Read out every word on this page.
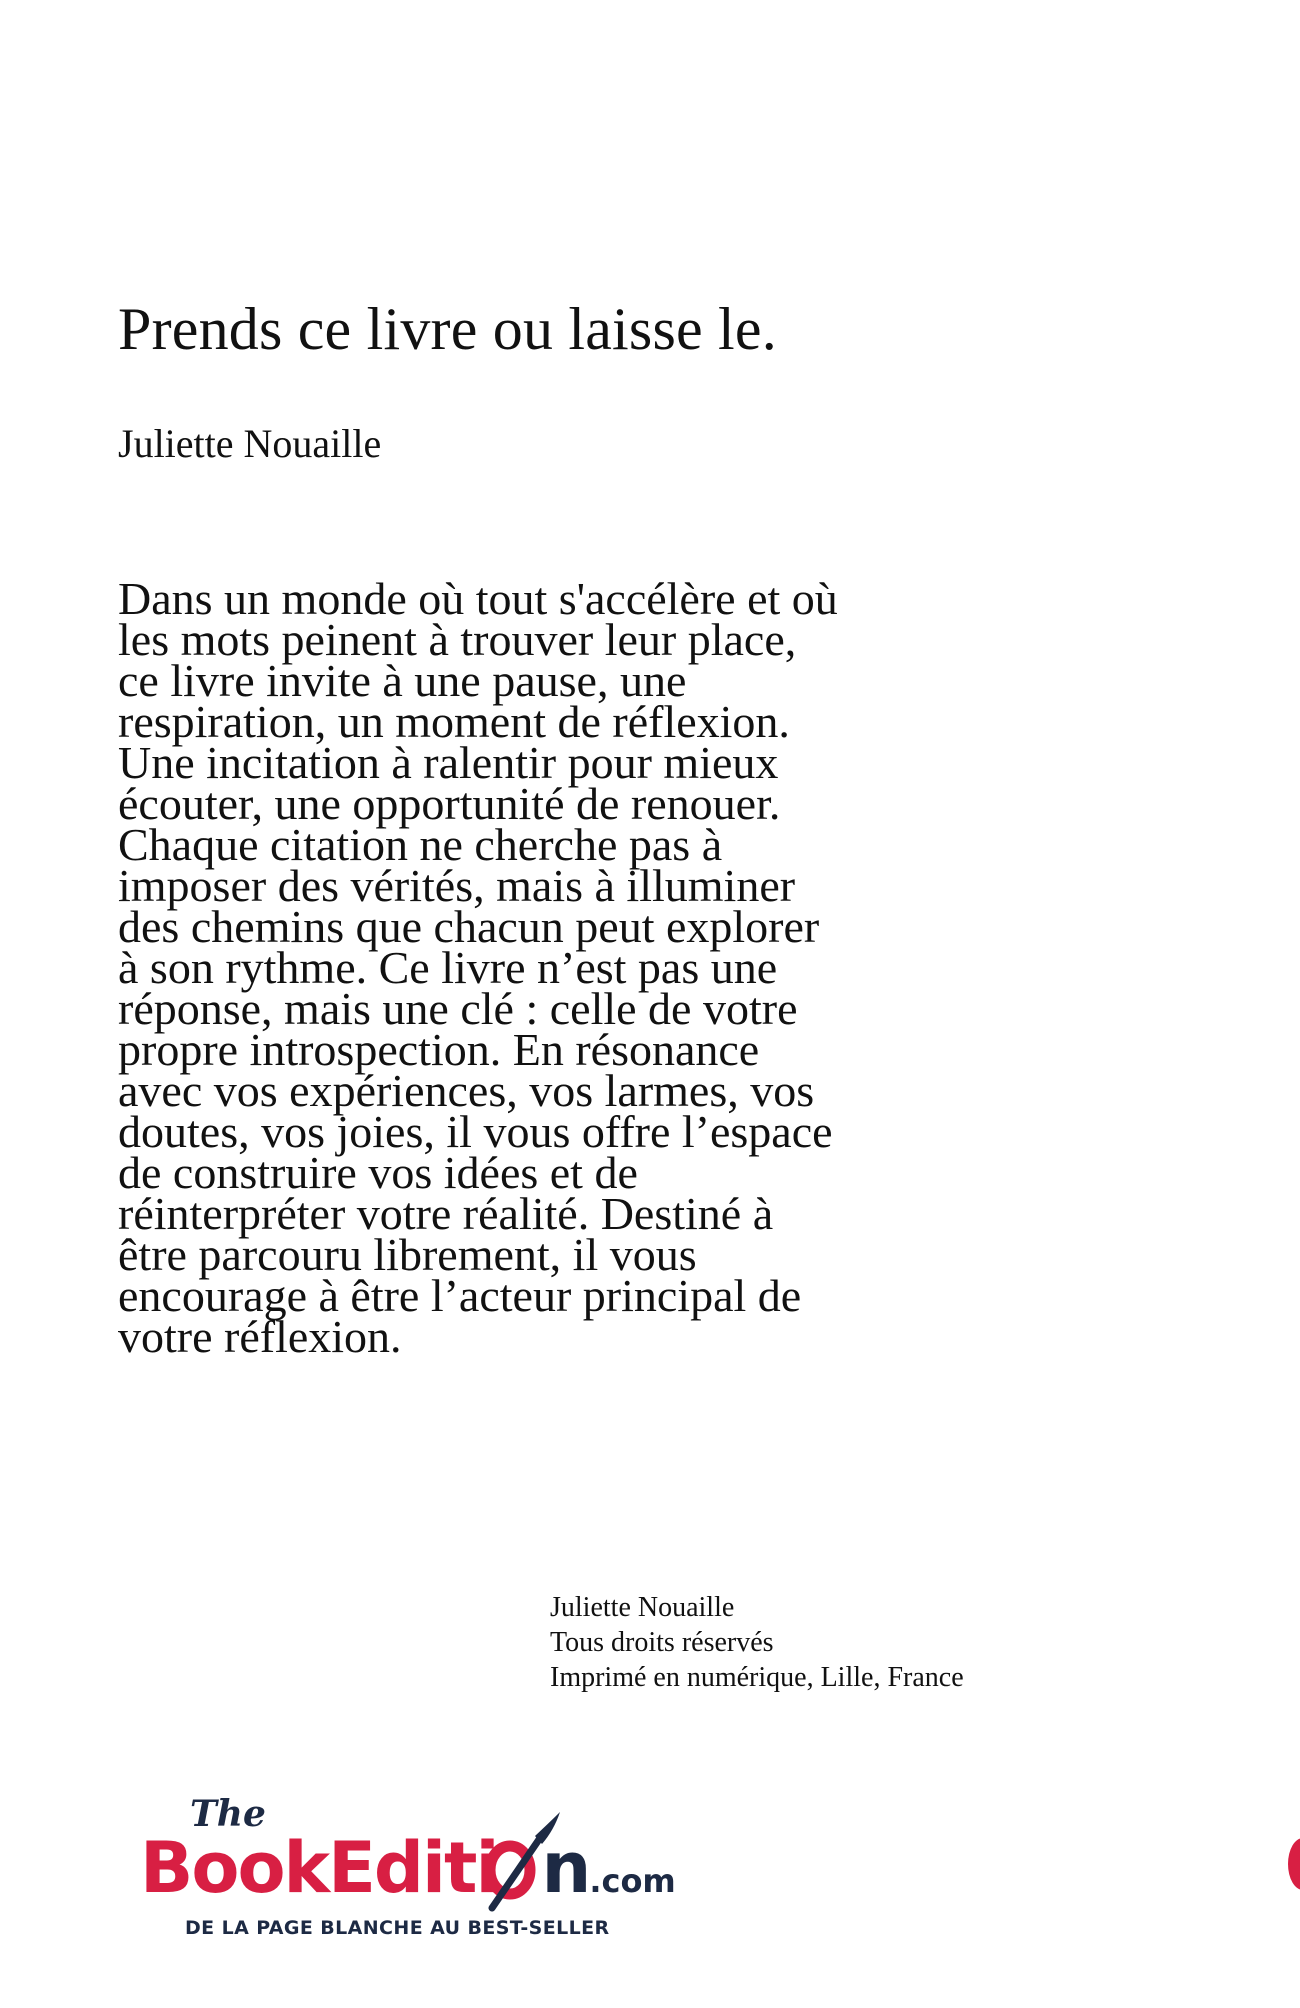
Prends ce livre ou laisse le.
Juliette Nouaille
Dans un monde où tout s'accélère et où
les mots peinent à trouver leur place,
ce livre invite à une pause, une
respiration, un moment de réflexion.
Une incitation à ralentir pour mieux
écouter, une opportunité de renouer.
Chaque citation ne cherche pas à
imposer des vérités, mais à illuminer
des chemins que chacun peut explorer
à son rythme. Ce livre n’est pas une
réponse, mais une clé : celle de votre
propre introspection. En résonance
avec vos expériences, vos larmes, vos
doutes, vos joies, il vous offre l’espace
de construire vos idées et de
réinterpréter votre réalité. Destiné à
être parcouru librement, il vous
encourage à être l’acteur principal de
votre réflexion.
Juliette Nouaille
Tous droits réservés
Imprimé en numérique, Lille, France
The
BookEditi n.com
DE LA PAGE BLANCHE AU BEST-SELLER
